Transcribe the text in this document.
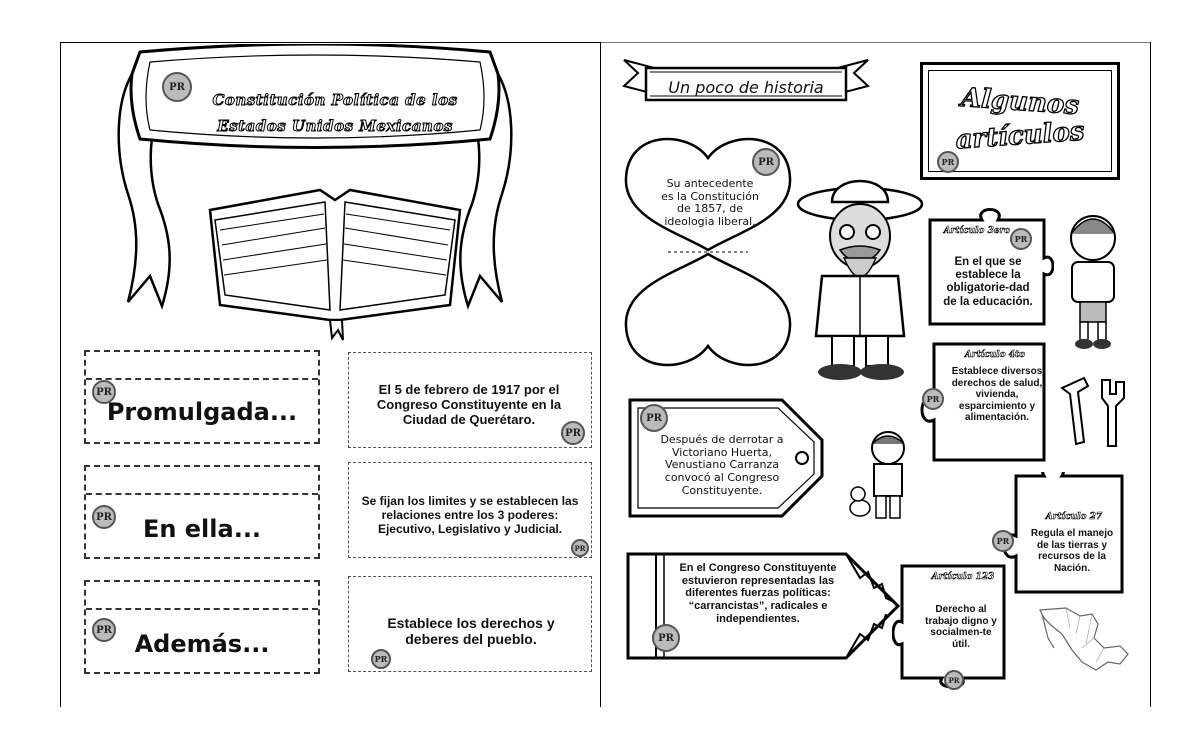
Constitución Política de los
Estados Unidos Mexicanos
PR
PR
Promulgada...
PR	En ella...
PR Además...
El 5 de febrero de 1917 por el Congreso Constituyente en la Ciudad de Querétaro.
PR
Se fijan los limites y se establecen las relaciones entre los 3 poderes: Ejecutivo, Legislativo y Judicial.
PR
Establece los derechos y deberes del pueblo.
PR
Un poco de historia	Algunos
artículos
PR
Su antecedente es la Constitución de 1857, de ideologia liberal.
PR
Artículo 3ero
PR
En el que se establece la obligatorie-dad de la educación.
Artículo 4to
PR
Establece diversos derechos de salud, vivienda, esparcimiento y alimentación.
PR
Después de derrotar a Victoriano Huerta, Venustiano Carranza convocó al Congreso Constituyente.
Artículo 27
PR
Regula el manejo de las tierras y recursos de la Nación.
PR
En el Congreso Constituyente estuvieron representadas las diferentes fuerzas políticas: “carrancistas”, radicales e independientes.
Artículo 123
Derecho al trabajo digno y socialmen-te útil.
PR
